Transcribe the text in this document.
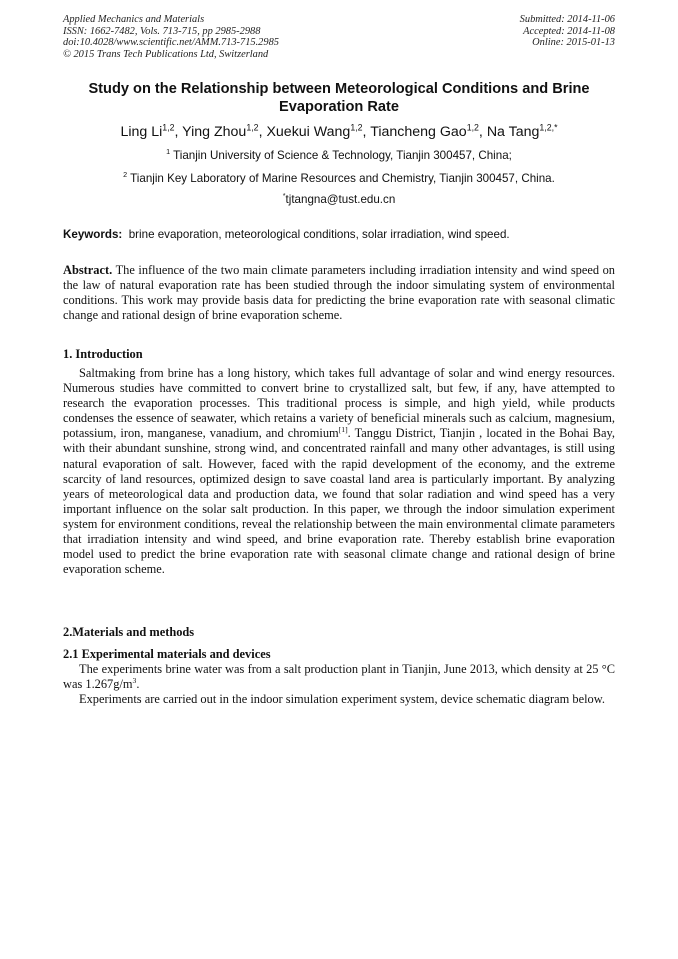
Applied Mechanics and Materials
ISSN: 1662-7482, Vols. 713-715, pp 2985-2988
doi:10.4028/www.scientific.net/AMM.713-715.2985
© 2015 Trans Tech Publications Ltd, Switzerland
Submitted: 2014-11-06
Accepted: 2014-11-08
Online: 2015-01-13
Study on the Relationship between Meteorological Conditions and Brine
Evaporation Rate
Ling Li$^{1,2}$, Ying Zhou$^{1,2}$, Xuekui Wang$^{1,2}$, Tiancheng Gao$^{1,2}$, Na Tang$^{1,2,*}$
$^1$ Tianjin University of Science & Technology, Tianjin 300457, China;
$^2$ Tianjin Key Laboratory of Marine Resources and Chemistry, Tianjin 300457, China.
*tjtangna@tust.edu.cn
Keywords: brine evaporation, meteorological conditions, solar irradiation, wind speed.

Abstract. The influence of the two main climate parameters including irradiation intensity and wind speed on the law of natural evaporation rate has been studied through the indoor simulating system of environmental conditions. This work may provide basis data for predicting the brine evaporation rate with seasonal climatic change and rational design of brine evaporation scheme.

1. Introduction

Saltmaking from brine has a long history, which takes full advantage of solar and wind energy resources. Numerous studies have committed to convert brine to crystallized salt, but few, if any, have attempted to research the evaporation processes. This traditional process is simple, and high yield, while products condenses the essence of seawater, which retains a variety of beneficial minerals such as calcium, magnesium, potassium, iron, manganese, vanadium, and chromium[1]. Tanggu District, Tianjin , located in the Bohai Bay, with their abundant sunshine, strong wind, and concentrated rainfall and many other advantages, is still using natural evaporation of salt. However, faced with the rapid development of the economy, and the extreme scarcity of land resources, optimized design to save coastal land area is particularly important. By analyzing years of meteorological data and production data, we found that solar radiation and wind speed has a very important influence on the solar salt production. In this paper, we through the indoor simulation experiment system for environment conditions, reveal the relationship between the main environmental climate parameters that irradiation intensity and wind speed, and brine evaporation rate. Thereby establish brine evaporation model used to predict the brine evaporation rate with seasonal climate change and rational design of brine evaporation scheme.

2.Materials and methods
2.1 Experimental materials and devices

The experiments brine water was from a salt production plant in Tianjin, June 2013, which density at 25 °C was $1.267g/m^3$.

Experiments are carried out in the indoor simulation experiment system, device schematic diagram below.
